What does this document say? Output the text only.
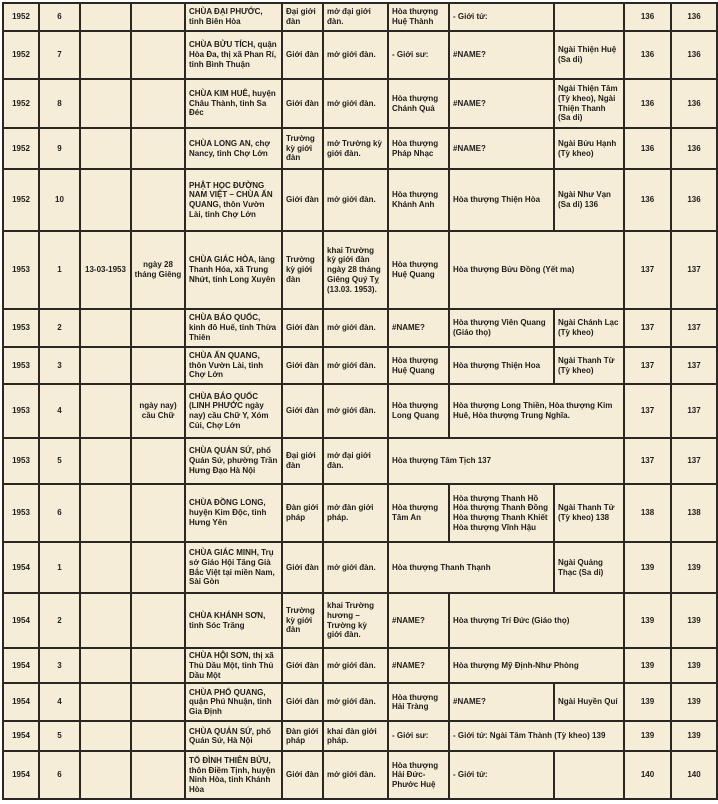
1952	6			CHÙA ĐẠI PHƯỚC, tỉnh Biên Hòa	Đại giới đàn	mở đại giới đàn.	Hòa thượng Huệ Thành	- Giới tử:		136	136
1952	7			CHÙA BỬU TÍCH, quận Hòa Đa, thị xã Phan Rí, tỉnh Bình Thuận	Giới đàn	mở giới đàn.	- Giới sư:	#NAME?	Ngài Thiện Huệ (Sa di)	136	136
1952	8			CHÙA KIM HUÊ, huyện Châu Thành, tỉnh Sa Đéc	Giới đàn	mở giới đàn.	Hòa thượng Chánh Quả	#NAME?	Ngài Thiện Tâm (Tỳ kheo), Ngài Thiện Thanh (Sa di)	136	136
1952	9			CHÙA LONG AN, chợ Nancy, tỉnh Chợ Lớn	Trường kỳ giới đàn	mở Trường kỳ giới đàn.	Hòa thượng Pháp Nhạc	#NAME?	Ngài Bửu Hạnh (Tỳ kheo)	136	136
1952	10			PHẬT HỌC ĐƯỜNG NAM VIỆT – CHÙA ẤN QUANG, thôn Vườn Lài, tỉnh Chợ Lớn	Giới đàn	mở giới đàn.	Hòa thượng Khánh Anh	Hòa thượng Thiện Hòa	Ngài Như Vạn (Sa di) 136	136	136
1953	1	13-03-1953	ngày 28 tháng Giêng	CHÙA GIÁC HÒA, làng Thanh Hóa, xã Trung Nhứt, tỉnh Long Xuyên	Trường kỳ giới đàn	khai Trường kỳ giới đàn ngày 28 tháng Giêng Quý Tỵ (13.03. 1953).	Hòa thượng Huệ Quang	Hòa thượng Bửu Đồng (Yết ma)		137	137
1953	2			CHÙA BÁO QUỐC, kinh đô Huế, tỉnh Thừa Thiên	Giới đàn	mở giới đàn.	#NAME?	Hòa thượng Viên Quang (Giáo thọ)	Ngài Chánh Lạc (Tỳ kheo)	137	137
1953	3			CHÙA ẤN QUANG, thôn Vườn Lài, tỉnh Chợ Lớn	Giới đàn	mở giới đàn.	Hòa thượng Huệ Quang	Hòa thượng Thiện Hoa	Ngài Thanh Từ (Tỳ kheo)	137	137
1953	4		ngày nay) cầu Chữ	CHÙA BÁO QUỐC (LINH PHƯỚC ngày nay) cầu Chữ Y, Xóm Củi, Chợ Lớn	Giới đàn	mở giới đàn.	Hòa thượng Long Quang	Hòa thượng Long Thiền, Hòa thượng Kim Huê, Hòa thượng Trung Nghĩa.		137	137
1953	5			CHÙA QUÁN SỨ, phố Quán Sứ, phường Trần Hưng Đạo Hà Nội	Đại giới đàn	mở đại giới đàn.	Hòa thượng Tâm Tịch 137			137	137
1953	6			CHÙA ĐỒNG LONG, huyện Kim Độc, tỉnh Hưng Yên	Đàn giới pháp	mở đàn giới pháp.	Hòa thượng Tâm An	Hòa thượng Thanh Hồ Hòa thượng Thanh Đồng Hòa thượng Thanh Khiết Hòa thượng Vĩnh Hậu	Ngài Thanh Tử (Tỳ kheo) 138	138	138
1954	1			CHÙA GIÁC MINH, Trụ sở Giáo Hội Tăng Già Bắc Việt tại miền Nam, Sài Gòn	Giới đàn	mở giới đàn.	Hòa thượng Thanh Thạnh		Ngài Quảng Thạc (Sa di)	139	139
1954	2			CHÙA KHÁNH SƠN, tỉnh Sóc Trăng	Trường kỳ giới đàn	khai Trường hương – Trường kỳ giới đàn.	#NAME?	Hòa thượng Trí Đức (Giáo thọ)		139	139
1954	3			CHÙA HỘI SƠN, thị xã Thủ Dầu Một, tỉnh Thủ Dầu Một	Giới đàn	mở giới đàn.	#NAME?	Hòa thượng Mỹ Định-Như Phòng		139	139
1954	4			CHÙA PHỔ QUANG, quận Phú Nhuận, tỉnh Gia Định	Giới đàn	mở giới đàn.	Hòa thượng Hải Tràng	#NAME?	Ngài Huyền Quí	139	139
1954	5			CHÙA QUÁN SỨ, phố Quán Sứ, Hà Nội	Đàn giới pháp	khai đàn giới pháp.	- Giới sư:	- Giới tử: Ngài Tâm Thành (Tỳ kheo) 139		139	139
1954	6			TỔ ĐÌNH THIÊN BỬU, thôn Điềm Tịnh, huyện Ninh Hòa, tỉnh Khánh Hòa	Giới đàn	mở giới đàn.	Hòa thượng Hải Đức- Phước Huệ	- Giới tử:		140	140
